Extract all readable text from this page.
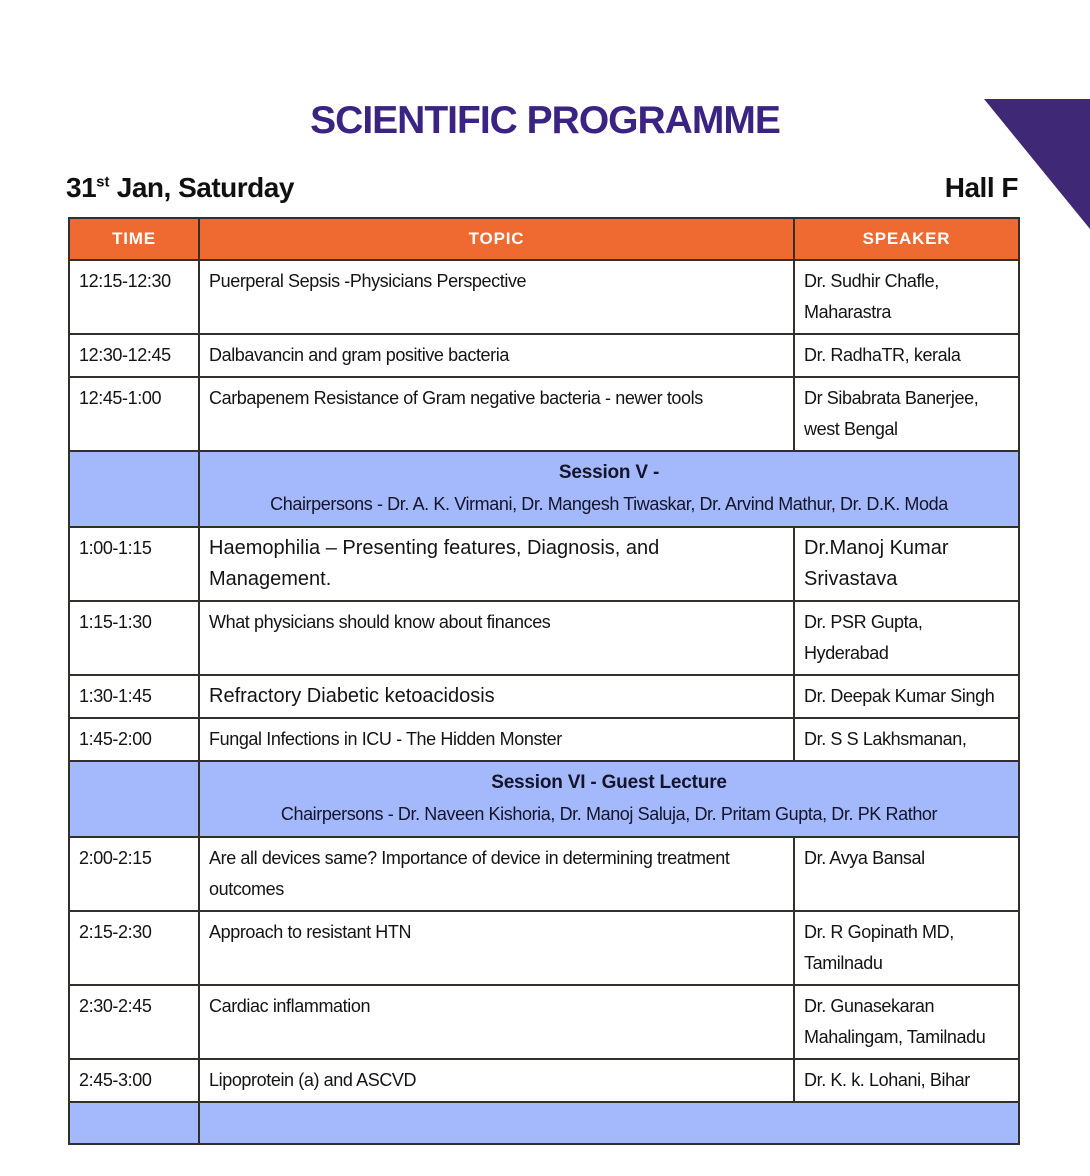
SCIENTIFIC PROGRAMME
31st Jan, Saturday	Hall F
TIME	TOPIC	SPEAKER
12:15-12:30	Puerperal Sepsis -Physicians Perspective	Dr. Sudhir Chafle, Maharastra
12:30-12:45	Dalbavancin and gram positive bacteria	Dr. RadhaTR, kerala
12:45-1:00	Carbapenem Resistance of Gram negative bacteria - newer tools	Dr Sibabrata Banerjee, west Bengal

	Session V -
Chairpersons - Dr. A. K. Virmani, Dr. Mangesh Tiwaskar, Dr. Arvind Mathur, Dr. D.K. Moda	

1:00-1:15	Haemophilia – Presenting features, Diagnosis, and Management.	Dr.Manoj Kumar Srivastava
1:15-1:30	What physicians should know about finances	Dr. PSR Gupta, Hyderabad
1:30-1:45	Refractory Diabetic ketoacidosis	Dr. Deepak Kumar Singh
1:45-2:00	Fungal Infections in ICU - The Hidden Monster	Dr. S S Lakhsmanan,

	Session VI - Guest Lecture
Chairpersons - Dr. Naveen Kishoria, Dr. Manoj Saluja, Dr. Pritam Gupta, Dr. PK Rathor	

2:00-2:15	Are all devices same? Importance of device in determining treatment outcomes	Dr. Avya Bansal
2:15-2:30	Approach to resistant HTN	Dr. R Gopinath MD, Tamilnadu
2:30-2:45	Cardiac inflammation	Dr. Gunasekaran Mahalingam, Tamilnadu
2:45-3:00	Lipoprotein (a) and ASCVD	Dr. K. k. Lohani, Bihar
